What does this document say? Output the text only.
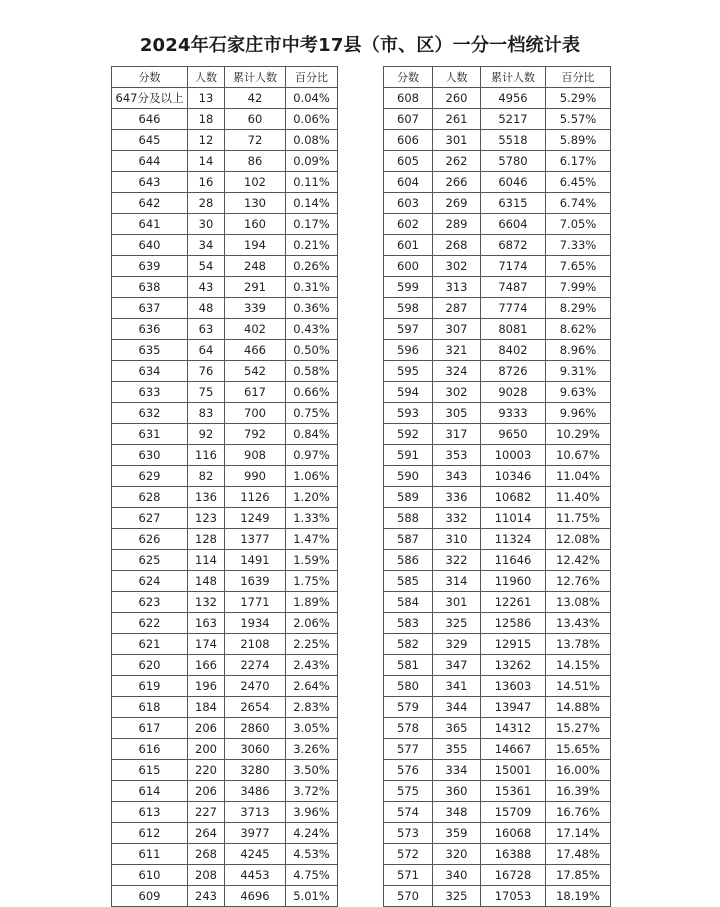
2024年石家庄市中考17县（市、区）一分一档统计表
分数	人数	累计人数	百分比
647分及以上	13	42	0.04%
646	18	60	0.06%
645	12	72	0.08%
644	14	86	0.09%
643	16	102	0.11%
642	28	130	0.14%
641	30	160	0.17%
640	34	194	0.21%
639	54	248	0.26%
638	43	291	0.31%
637	48	339	0.36%
636	63	402	0.43%
635	64	466	0.50%
634	76	542	0.58%
633	75	617	0.66%
632	83	700	0.75%
631	92	792	0.84%
630	116	908	0.97%
629	82	990	1.06%
628	136	1126	1.20%
627	123	1249	1.33%
626	128	1377	1.47%
625	114	1491	1.59%
624	148	1639	1.75%
623	132	1771	1.89%
622	163	1934	2.06%
621	174	2108	2.25%
620	166	2274	2.43%
619	196	2470	2.64%
618	184	2654	2.83%
617	206	2860	3.05%
616	200	3060	3.26%
615	220	3280	3.50%
614	206	3486	3.72%
613	227	3713	3.96%
612	264	3977	4.24%
611	268	4245	4.53%
610	208	4453	4.75%
609	243	4696	5.01%
分数	人数	累计人数	百分比
608	260	4956	5.29%
607	261	5217	5.57%
606	301	5518	5.89%
605	262	5780	6.17%
604	266	6046	6.45%
603	269	6315	6.74%
602	289	6604	7.05%
601	268	6872	7.33%
600	302	7174	7.65%
599	313	7487	7.99%
598	287	7774	8.29%
597	307	8081	8.62%
596	321	8402	8.96%
595	324	8726	9.31%
594	302	9028	9.63%
593	305	9333	9.96%
592	317	9650	10.29%
591	353	10003	10.67%
590	343	10346	11.04%
589	336	10682	11.40%
588	332	11014	11.75%
587	310	11324	12.08%
586	322	11646	12.42%
585	314	11960	12.76%
584	301	12261	13.08%
583	325	12586	13.43%
582	329	12915	13.78%
581	347	13262	14.15%
580	341	13603	14.51%
579	344	13947	14.88%
578	365	14312	15.27%
577	355	14667	15.65%
576	334	15001	16.00%
575	360	15361	16.39%
574	348	15709	16.76%
573	359	16068	17.14%
572	320	16388	17.48%
571	340	16728	17.85%
570	325	17053	18.19%
